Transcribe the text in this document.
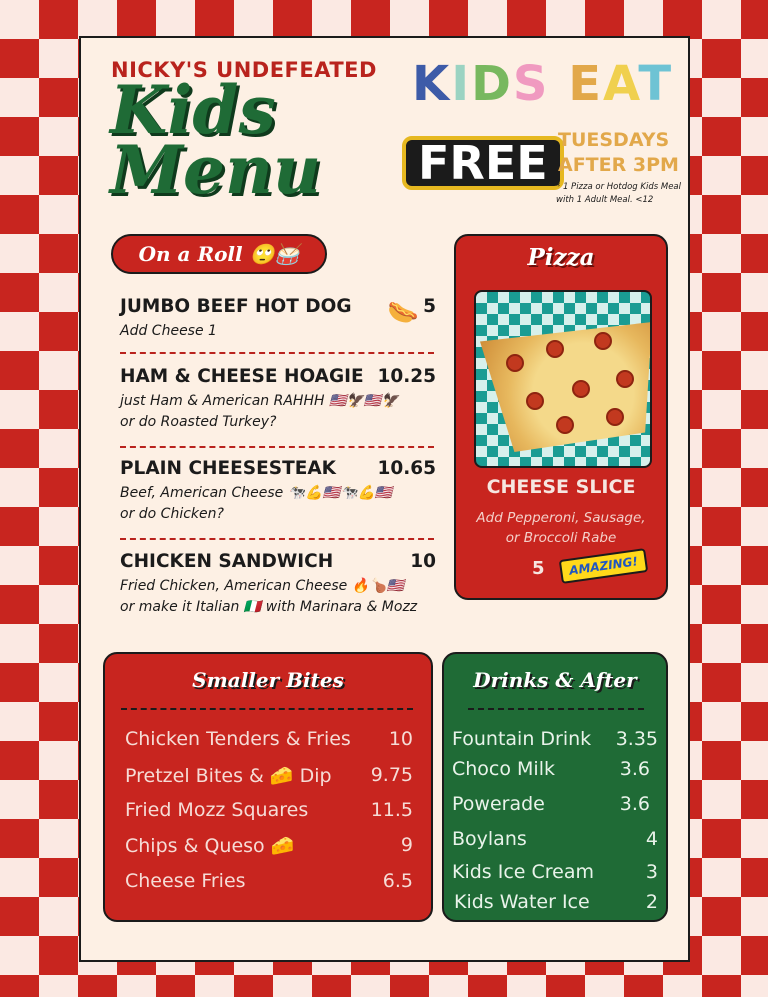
NICKY'S UNDEFEATED
Kids
Menu
KIDS EAT
FREE TUESDAYS
AFTER 3PM
* 1 Pizza or Hotdog Kids Meal with 1 Adult Meal. <12
On a Roll 🙄🥁
🌭
JUMBO BEEF HOT DOG	5
Add Cheese 1
HAM & CHEESE HOAGIE 10.25
just Ham & American RAHHH 🇺🇸🦅🇺🇸🦅
or do Roasted Turkey?
PLAIN CHEESESTEAK 10.65
Beef, American Cheese 🐄💪🇺🇸🐄💪🇺🇸
or do Chicken?
CHICKEN SANDWICH	10
Fried Chicken, American Cheese 🔥🍗🇺🇸
or make it Italian 🇮🇹 with Marinara & Mozz
Pizza
CHEESE SLICE
Add Pepperoni, Sausage,
or Broccoli Rabe
5	AMAZING!
Smaller Bites
Chicken Tenders & Fries 10
Pretzel Bites & 🧀 Dip 9.75
Fried Mozz Squares	11.5
Chips & Queso 🧀	9
Cheese Fries	6.5
Drinks & After
Fountain Drink 3.35
Choco Milk	3.6
Powerade	3.6
Boylans	4
Kids Ice Cream	3
Kids Water Ice	2
